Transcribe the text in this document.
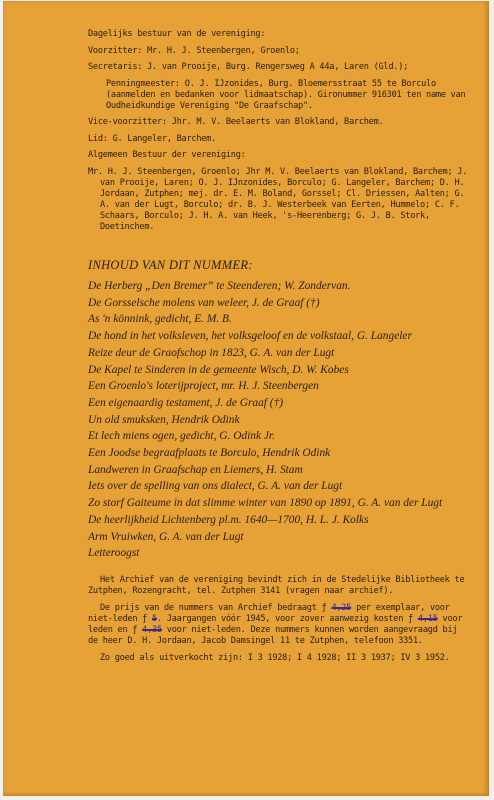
Dagelijks bestuur van de vereniging:

Voorzitter: Mr. H. J. Steenbergen, Groenlo;

Secretaris: J. van Prooije, Burg. Rengersweg A 44a, Laren (Gld.);

Penningmeester: O. J. IJzonides, Burg. Bloemersstraat 55 te Borculo (aanmelden en bedanken voor lidmaatschap). Gironummer 916301 ten name van Oudheidkundige Vereniging "De Graafschap".

Vice-voorzitter: Jhr. M. V. Beelaerts van Blokland, Barchem.

Lid: G. Langeler, Barchem.

Algemeen Bestuur der vereniging:

Mr. H. J. Steenbergen, Groenlo; Jhr M. V. Beelaerts van Blokland, Barchem; J. van Prooije, Laren; O. J. IJnzonides, Borculo; G. Langeler, Barchem; D. H. Jordaan, Zutphen; mej. dr. E. M. Boland, Gorssel; Cl. Driessen, Aalten; G. A. van der Lugt, Borculo; dr. B. J. Westerbeek van Eerten, Hummelo; C. F. Schaars, Borculo; J. H. A. van Heek, 's-Heerenberg; G. J. B. Stork, Doetinchem.

INHOUD VAN DIT NUMMER:
De Herberg „Den Bremer” te Steenderen; W. Zondervan.
De Gorsselsche molens van weleer, J. de Graaf (†)
As 'n könnink, gedicht, E. M. B.
De hond in het volksleven, het volksgeloof en de volkstaal, G. Langeler
Reize deur de Graofschop in 1823, G. A. van der Lugt
De Kapel te Sinderen in de gemeente Wisch, D. W. Kobes
Een Groenlo's loterijproject, mr. H. J. Steenbergen
Een eigenaardig testament, J. de Graaf (†)
Un old smuksken, Hendrik Odink
Et lech miens ogen, gedicht, G. Odink Jr.
Een Joodse begraafplaats te Borculo, Hendrik Odink
Landweren in Graafschap en Liemers, H. Stam
Iets over de spelling van ons dialect, G. A. van der Lugt
Zo storf Gaiteume in dat slimme winter van 1890 op 1891, G. A. van der Lugt
De heerlijkheid Lichtenberg pl.m. 1640—1700, H. L. J. Kolks
Arm Vruiwken, G. A. van der Lugt
Letteroogst

Het Archief van de vereniging bevindt zich in de Stedelijke Bibliotheek te Zutphen, Rozengracht, tel. Zutphen 3141 (vragen naar archief).

De prijs van de nummers van Archief bedraagt ƒ 4,25 per exemplaar, voor niet-leden ƒ 5. Jaargangen vóór 1945, voor zover aanwezig kosten ƒ 4,15 voor leden en ƒ 4,35 voor niet-leden. Deze nummers kunnen worden aangevraagd bij de heer D. H. Jordaan, Jacob Damsingel 11 te Zutphen, telefoon 3351.

Zo goed als uitverkocht zijn: I 3 1928; I 4 1928; II 3 1937; IV 3 1952.
